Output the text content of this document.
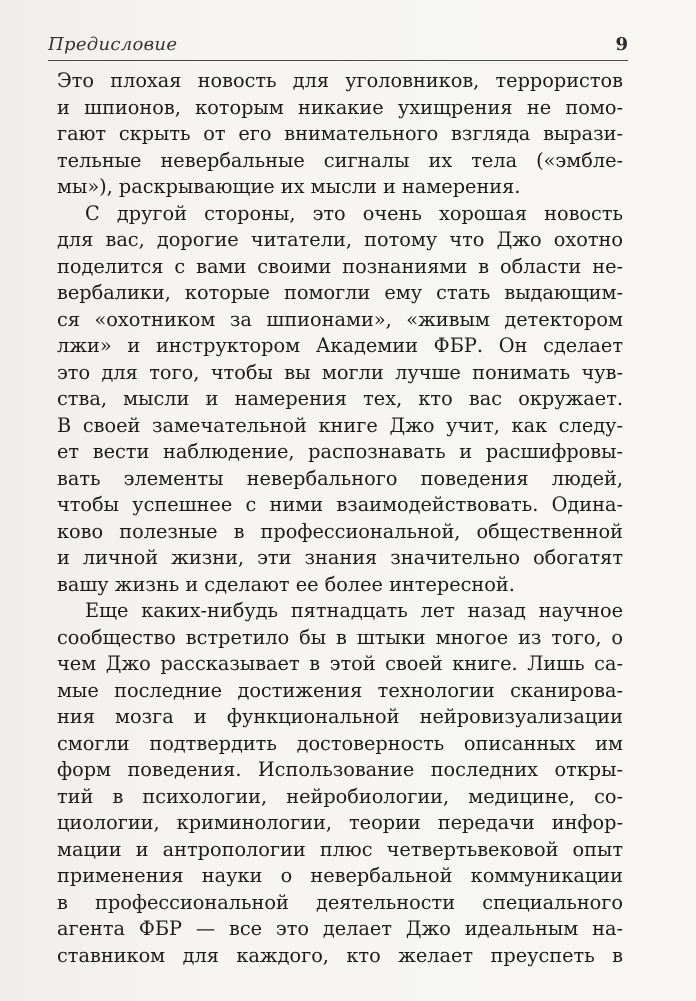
Предисловие	9
Это плохая новость для уголовников, террористов
и шпионов, которым никакие ухищрения не помо-
гают скрыть от его внимательного взгляда вырази-
тельные невербальные сигналы их тела («эмбле-
мы»), раскрывающие их мысли и намерения.
С другой стороны, это очень хорошая новость
для вас, дорогие читатели, потому что Джо охотно
поделится с вами своими познаниями в области не-
вербалики, которые помогли ему стать выдающим-
ся «охотником за шпионами», «живым детектором
лжи» и инструктором Академии ФБР. Он сделает
это для того, чтобы вы могли лучше понимать чув-
ства, мысли и намерения тех, кто вас окружает.
В своей замечательной книге Джо учит, как следу-
ет вести наблюдение, распознавать и расшифровы-
вать элементы невербального поведения людей,
чтобы успешнее с ними взаимодействовать. Одина-
ково полезные в профессиональной, общественной
и личной жизни, эти знания значительно обогатят
вашу жизнь и сделают ее более интересной.
Еще каких-нибудь пятнадцать лет назад научное
сообщество встретило бы в штыки многое из того, о
чем Джо рассказывает в этой своей книге. Лишь са-
мые последние достижения технологии сканирова-
ния мозга и функциональной нейровизуализации
смогли подтвердить достоверность описанных им
форм поведения. Использование последних откры-
тий в психологии, нейробиологии, медицине, со-
циологии, криминологии, теории передачи инфор-
мации и антропологии плюс четвертьвековой опыт
применения науки о невербальной коммуникации
в профессиональной деятельности специального
агента ФБР — все это делает Джо идеальным на-
ставником для каждого, кто желает преуспеть в
